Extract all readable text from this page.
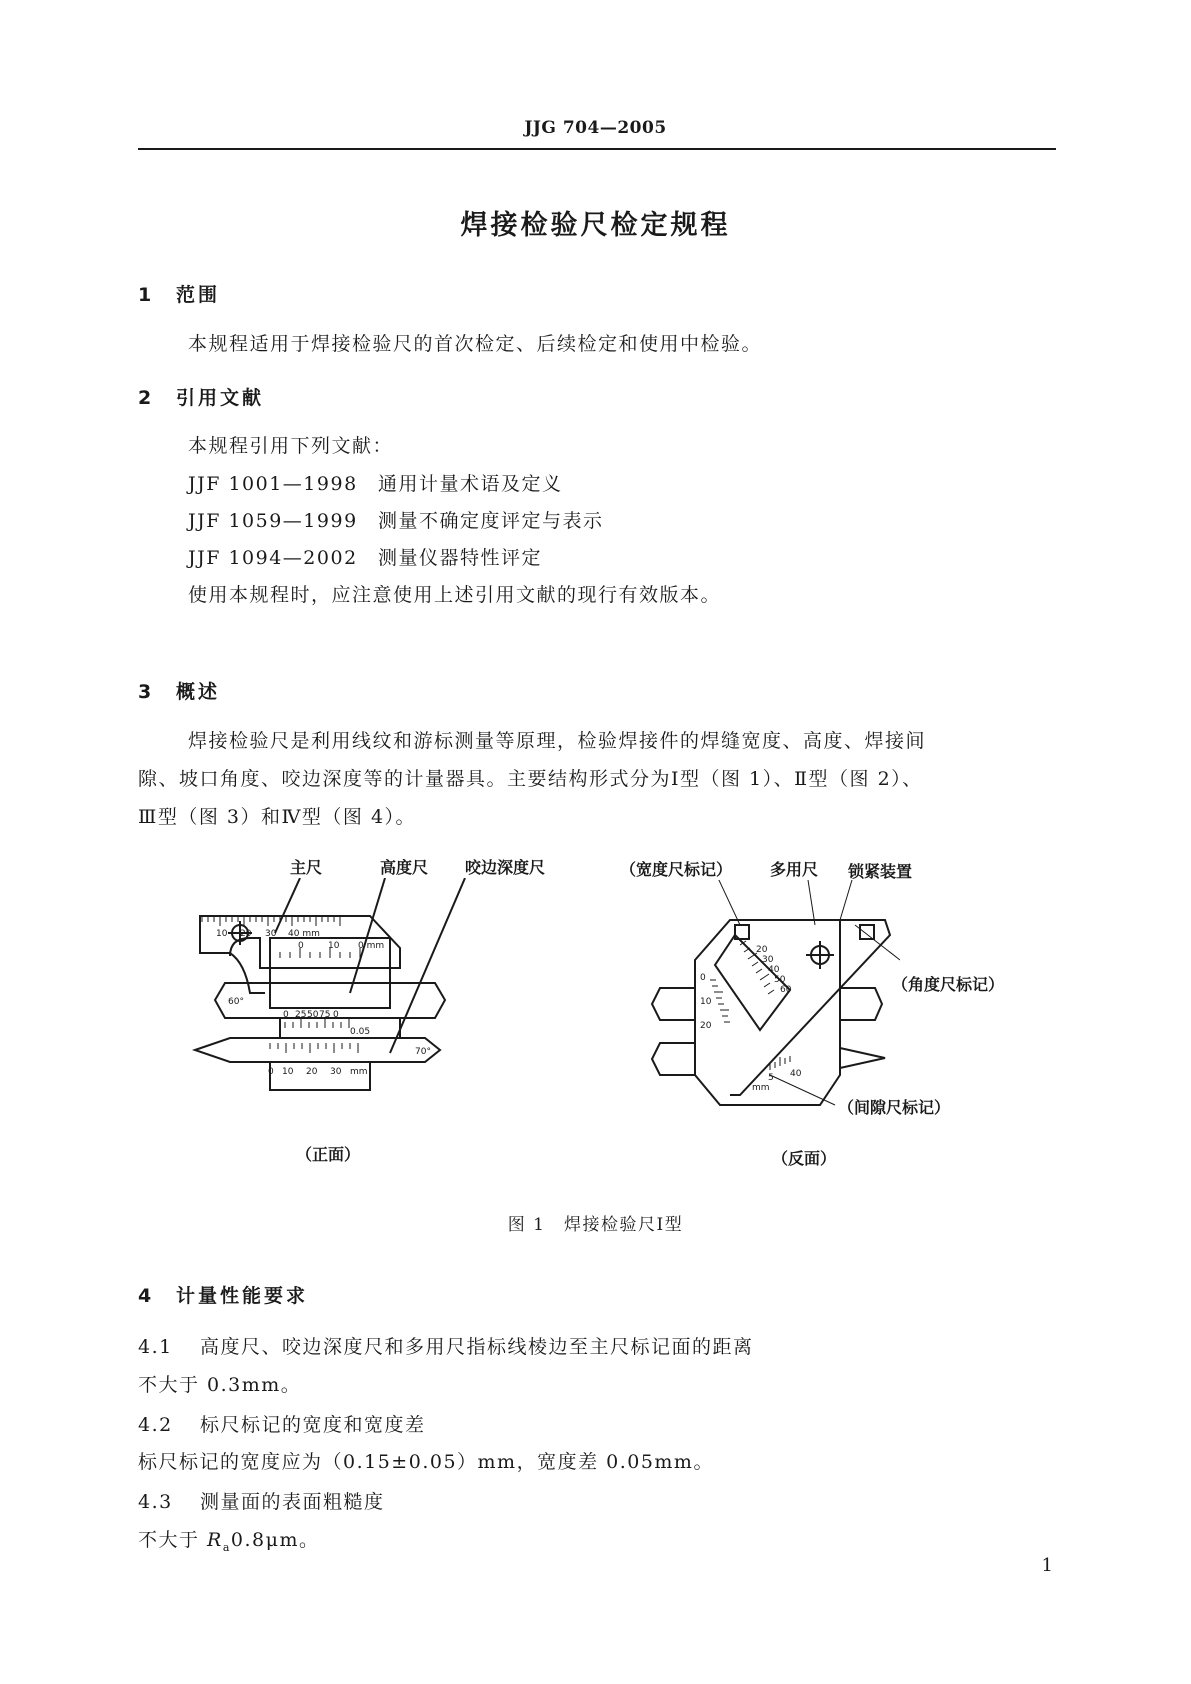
JJG 704—2005
焊接检验尺检定规程
1 范围
本规程适用于焊接检验尺的首次检定、后续检定和使用中检验。
2 引用文献
本规程引用下列文献：
JJF 1001—1998 通用计量术语及定义
JJF 1059—1999 测量不确定度评定与表示
JJF 1094—2002 测量仪器特性评定
使用本规程时，应注意使用上述引用文献的现行有效版本。
3 概述
焊接检验尺是利用线纹和游标测量等原理，检验焊接件的焊缝宽度、高度、焊接间
隙、坡口角度、咬边深度等的计量器具。主要结构形式分为Ⅰ型（图 1）、Ⅱ型（图 2）、
Ⅲ型（图 3）和Ⅳ型（图 4）。
主尺	高度尺 咬边深度尺
10 20 30 40 mm
0	10 0 mm
0 25 50 75 0
0.05
0 10 20 30 mm
60°
70°
（正面）
（宽度尺标记） 多用尺 锁紧装置
（角度尺标记）
（间隙尺标记）
20
30
40
50
60
0
10
20
5
mm
40
（反面）
图 1　焊接检验尺Ⅰ型
4 计量性能要求
4.1 高度尺、咬边深度尺和多用尺指标线棱边至主尺标记面的距离
不大于 0.3mm。
4.2 标尺标记的宽度和宽度差
标尺标记的宽度应为（0.15±0.05）mm，宽度差 0.05mm。
4.3 测量面的表面粗糙度
不大于 $R_a0.8\mu m$。
1
